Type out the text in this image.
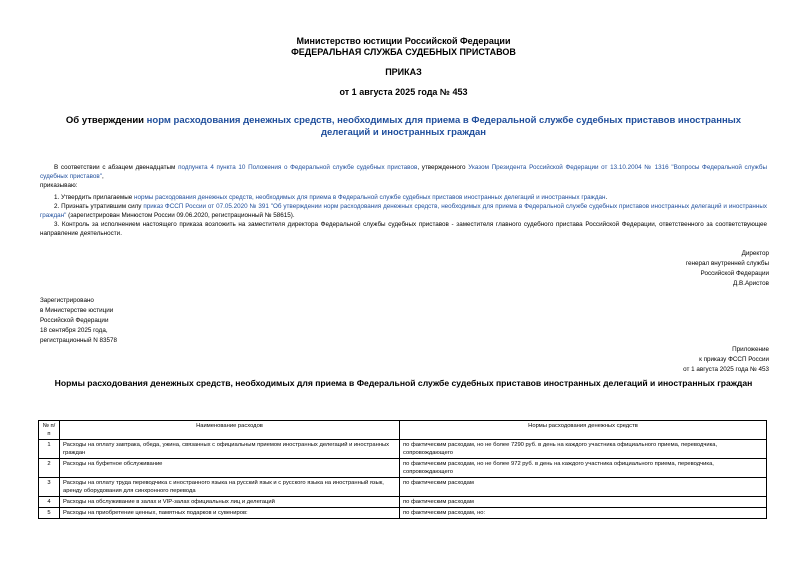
Министерство юстиции Российской Федерации
ФЕДЕРАЛЬНАЯ СЛУЖБА СУДЕБНЫХ ПРИСТАВОВ
ПРИКАЗ
от 1 августа 2025 года № 453
Об утверждении норм расходования денежных средств, необходимых для приема в Федеральной службе судебных приставов иностранных делегаций и иностранных граждан

В соответствии с абзацем двенадцатым подпункта 4 пункта 10 Положения о Федеральной службе судебных приставов, утвержденного Указом Президента Российской Федерации от 13.10.2004 № 1316 "Вопросы Федеральной службы судебных приставов",

приказываю:

1. Утвердить прилагаемые нормы расходования денежных средств, необходимых для приема в Федеральной службе судебных приставов иностранных делегаций и иностранных граждан.

2. Признать утратившим силу приказ ФССП России от 07.05.2020 № 391 "Об утверждении норм расходования денежных средств, необходимых для приема в Федеральной службе судебных приставов иностранных делегаций и иностранных граждан" (зарегистрирован Минюстом России 09.06.2020, регистрационный № 58615).

3. Контроль за исполнением настоящего приказа возложить на заместителя директора Федеральной службы судебных приставов - заместителя главного судебного пристава Российской Федерации, ответственного за соответствующее направление деятельности.

Директор
генерал внутренней службы
Российской Федерации
Д.В.Аристов
Зарегистрировано
в Министерстве юстиции
Российской Федерации
18 сентября 2025 года,
регистрационный N 83578
Приложение
к приказу ФССП России
от 1 августа 2025 года № 453
Нормы расходования денежных средств, необходимых для приема в Федеральной службе судебных приставов иностранных делегаций и иностранных граждан
№ п/п	Наименование расходов	Нормы расходования денежных средств
1	Расходы на оплату завтрака, обеда, ужина, связанных с официальным приемом иностранных делегаций и иностранных граждан	по фактическим расходам, но не более 7290 руб. в день на каждого участника официального приема, переводчика, сопровождающего
2	Расходы на буфетное обслуживание	по фактическим расходам, но не более 972 руб. в день на каждого участника официального приема, переводчика, сопровождающего
3	Расходы на оплату труда переводчика с иностранного языка на русский язык и с русского языка на иностранный язык, аренду оборудования для синхронного перевода	по фактическим расходам
4	Расходы на обслуживание в залах и VIP-залах официальных лиц и делегаций	по фактическим расходам
5	Расходы на приобретение ценных, памятных подарков и сувениров:	по фактическим расходам, но:
